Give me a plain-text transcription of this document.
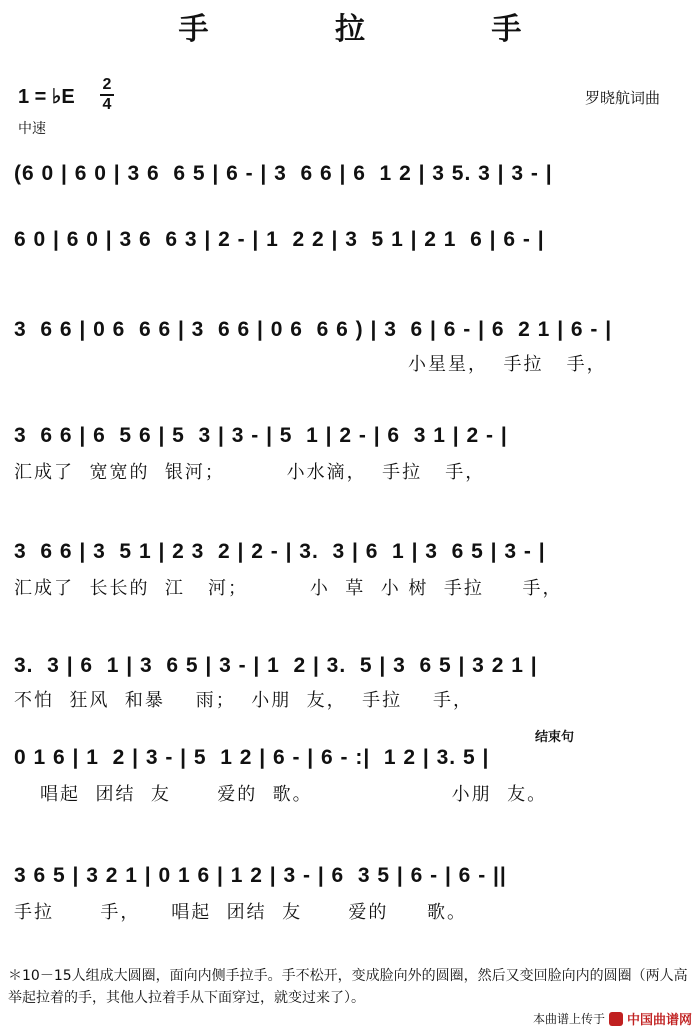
手 拉 手
1 = ♭E
2
4
中速
罗晓航词曲
结束句
(6 0 | 6 0 | 3 6  6 5 | 6 - | 3  6 6 | 6  1 2 | 3 5. 3 | 3 - |
6 0 | 6 0 | 3 6  6 3 | 2 - | 1  2 2 | 3  5 1 | 2 1  6 | 6 - |
3  6 6 | 0 6  6 6 | 3  6 6 | 0 6  6 6 ) | 3  6 | 6 - | 6  2 1 | 6 - |
小星星，  手拉   手，
3  6 6 | 6  5 6 | 5  3 | 3 - | 5  1 | 2 - | 6  3 1 | 2 - |
汇成了  宽宽的  银河；        小水滴，  手拉   手，
3  6 6 | 3  5 1 | 2 3  2 | 2 - | 3.  3 | 6  1 | 3  6 5 | 3 - |
汇成了  长长的  江   河；        小  草  小 树  手拉     手，
3.  3 | 6  1 | 3  6 5 | 3 - | 1  2 | 3.  5 | 3  6 5 | 3 2 1 |
不怕  狂风  和暴    雨；  小朋  友，  手拉    手，
0 1 6 | 1  2 | 3 - | 5  1 2 | 6 - | 6 - :|  1 2 | 3. 5 |
唱起  团结  友      爱的  歌。                  小朋  友。
3 6 5 | 3 2 1 | 0 1 6 | 1 2 | 3 - | 6  3 5 | 6 - | 6 - ||
手拉      手，    唱起  团结  友      爱的     歌。
＊10－15人组成大圆圈，面向内侧手拉手。手不松开，变成脸向外的圆圈，然后又变回脸向内的圆圈（两人高举起拉着的手，其他人拉着手从下面穿过，就变过来了）。
本曲谱上传于 中国曲谱网
